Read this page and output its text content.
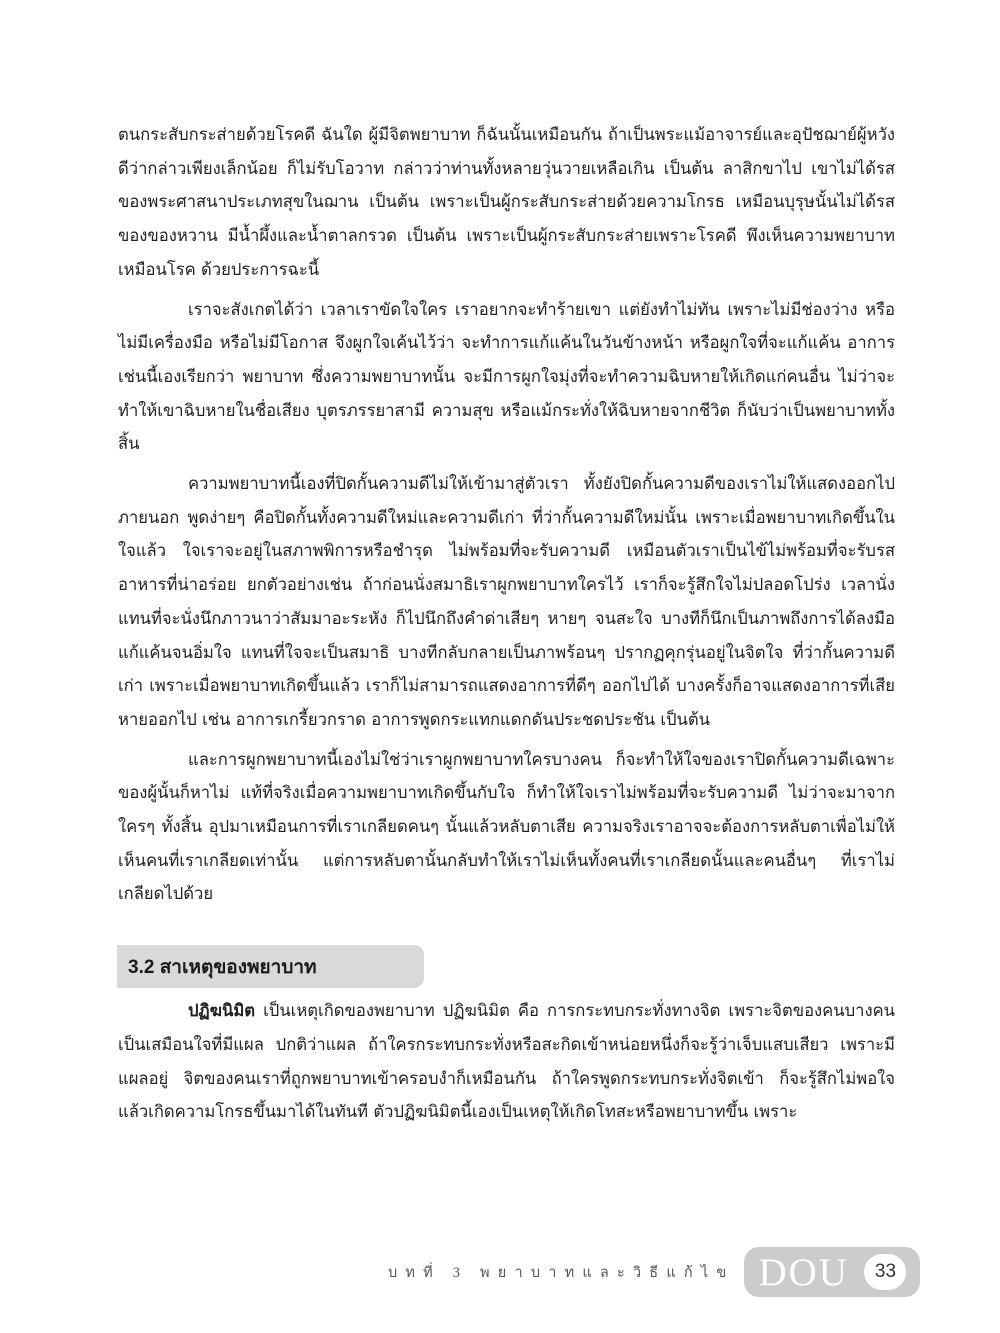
ตนกระสับกระส่ายด้วยโรคดี ฉันใด ผู้มีจิตพยาบาท ก็ฉันนั้นเหมือนกัน ถ้าเป็นพระแม้อาจารย์และอุปัชฌาย์ผู้หวังดีว่ากล่าวเพียงเล็กน้อย ก็ไม่รับโอวาท กล่าวว่าท่านทั้งหลายวุ่นวายเหลือเกิน เป็นต้น ลาสิกขาไป เขาไม่ได้รสของพระศาสนาประเภทสุขในฌาน เป็นต้น เพราะเป็นผู้กระสับกระส่ายด้วยความโกรธ เหมือนบุรุษนั้นไม่ได้รสของของหวาน มีน้ำผึ้งและน้ำตาลกรวด เป็นต้น เพราะเป็นผู้กระสับกระส่ายเพราะโรคดี พึงเห็นความพยาบาทเหมือนโรค ด้วยประการฉะนี้

เราจะสังเกตได้ว่า เวลาเราขัดใจใคร เราอยากจะทำร้ายเขา แต่ยังทำไม่ทัน เพราะไม่มีช่องว่าง หรือไม่มีเครื่องมือ หรือไม่มีโอกาส จึงผูกใจเค้นไว้ว่า จะทำการแก้แค้นในวันข้างหน้า หรือผูกใจที่จะแก้แค้น อาการเช่นนี้เองเรียกว่า พยาบาท ซึ่งความพยาบาทนั้น จะมีการผูกใจมุ่งที่จะทำความฉิบหายให้เกิดแก่คนอื่น ไม่ว่าจะทำให้เขาฉิบหายในชื่อเสียง บุตรภรรยาสามี ความสุข หรือแม้กระทั่งให้ฉิบหายจากชีวิต ก็นับว่าเป็นพยาบาททั้งสิ้น

ความพยาบาทนี้เองที่ปิดกั้นความดีไม่ให้เข้ามาสู่ตัวเรา ทั้งยังปิดกั้นความดีของเราไม่ให้แสดงออกไปภายนอก พูดง่ายๆ คือปิดกั้นทั้งความดีใหม่และความดีเก่า ที่ว่ากั้นความดีใหม่นั้น เพราะเมื่อพยาบาทเกิดขึ้นในใจแล้ว ใจเราจะอยู่ในสภาพพิการหรือชำรุด ไม่พร้อมที่จะรับความดี เหมือนตัวเราเป็นไข้ไม่พร้อมที่จะรับรสอาหารที่น่าอร่อย ยกตัวอย่างเช่น ถ้าก่อนนั่งสมาธิเราผูกพยาบาทใครไว้ เราก็จะรู้สึกใจไม่ปลอดโปร่ง เวลานั่งแทนที่จะนั่งนึกภาวนาว่าสัมมาอะระหัง ก็ไปนึกถึงคำด่าเสียๆ หายๆ จนสะใจ บางทีก็นึกเป็นภาพถึงการได้ลงมือแก้แค้นจนอิ่มใจ แทนที่ใจจะเป็นสมาธิ บางทีกลับกลายเป็นภาพร้อนๆ ปรากฏคุกรุ่นอยู่ในจิตใจ ที่ว่ากั้นความดีเก่า เพราะเมื่อพยาบาทเกิดขึ้นแล้ว เราก็ไม่สามารถแสดงอาการที่ดีๆ ออกไปได้ บางครั้งก็อาจแสดงอาการที่เสียหายออกไป เช่น อาการเกรี้ยวกราด อาการพูดกระแทกแดกดันประชดประชัน เป็นต้น

และการผูกพยาบาทนี้เองไม่ใช่ว่าเราผูกพยาบาทใครบางคน ก็จะทำให้ใจของเราปิดกั้นความดีเฉพาะของผู้นั้นก็หาไม่ แท้ที่จริงเมื่อความพยาบาทเกิดขึ้นกับใจ ก็ทำให้ใจเราไม่พร้อมที่จะรับความดี ไม่ว่าจะมาจากใครๆ ทั้งสิ้น อุปมาเหมือนการที่เราเกลียดคนๆ นั้นแล้วหลับตาเสีย ความจริงเราอาจจะต้องการหลับตาเพื่อไม่ให้เห็นคนที่เราเกลียดเท่านั้น แต่การหลับตานั้นกลับทำให้เราไม่เห็นทั้งคนที่เราเกลียดนั้นและคนอื่นๆ ที่เราไม่เกลียดไปด้วย

3.2 สาเหตุของพยาบาท

ปฏิฆนิมิต เป็นเหตุเกิดของพยาบาท ปฏิฆนิมิต คือ การกระทบกระทั่งทางจิต เพราะจิตของคนบางคนเป็นเสมือนใจที่มีแผล ปกติว่าแผล ถ้าใครกระทบกระทั่งหรือสะกิดเข้าหน่อยหนึ่งก็จะรู้ว่าเจ็บแสบเสียว เพราะมีแผลอยู่ จิตของคนเราที่ถูกพยาบาทเข้าครอบงำก็เหมือนกัน ถ้าใครพูดกระทบกระทั่งจิตเข้า ก็จะรู้สึกไม่พอใจ แล้วเกิดความโกรธขึ้นมาได้ในทันที ตัวปฏิฆนิมิตนี้เองเป็นเหตุให้เกิดโทสะหรือพยาบาทขึ้น เพราะ

บทที่ 3 พยาบาทและวิธีแก้ไข DOU	33
